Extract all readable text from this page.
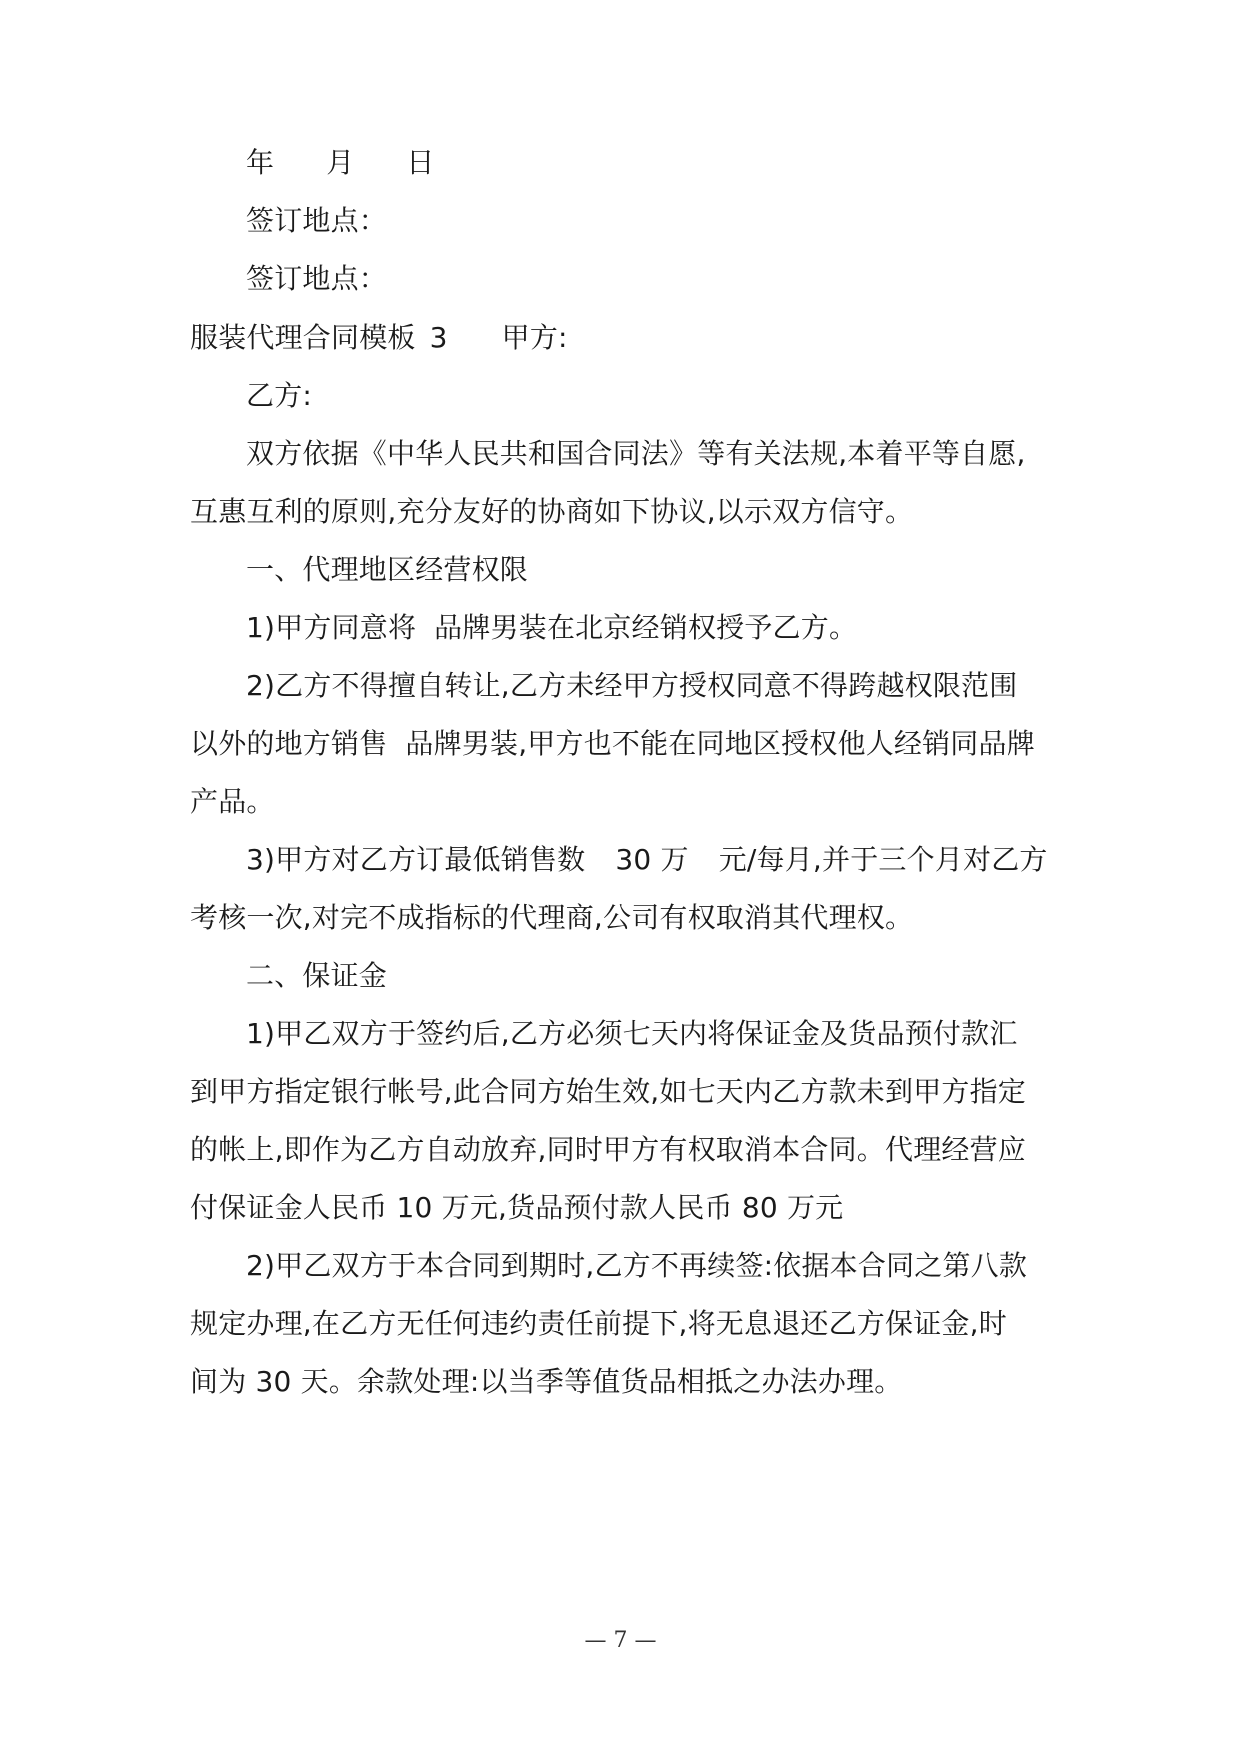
年 月 日
签订地点：
签订地点：
服装代理合同模板 3 甲方:
乙方:
双方依据《中华人民共和国合同法》等有关法规,本着平等自愿,
互惠互利的原则,充分友好的协商如下协议,以示双方信守。
一、代理地区经营权限
1)甲方同意将 品牌男装在北京经销权授予乙方。
2)乙方不得擅自转让,乙方未经甲方授权同意不得跨越权限范围
以外的地方销售 品牌男装,甲方也不能在同地区授权他人经销同品牌
产品。
3)甲方对乙方订最低销售数 30 万 元/每月,并于三个月对乙方
考核一次,对完不成指标的代理商,公司有权取消其代理权。
二、保证金
1)甲乙双方于签约后,乙方必须七天内将保证金及货品预付款汇
到甲方指定银行帐号,此合同方始生效,如七天内乙方款未到甲方指定
的帐上,即作为乙方自动放弃,同时甲方有权取消本合同。代理经营应
付保证金人民币 10 万元,货品预付款人民币 80 万元
2)甲乙双方于本合同到期时,乙方不再续签:依据本合同之第八款
规定办理,在乙方无任何违约责任前提下,将无息退还乙方保证金,时
间为 30 天。余款处理:以当季等值货品相抵之办法办理。
— 7 —
